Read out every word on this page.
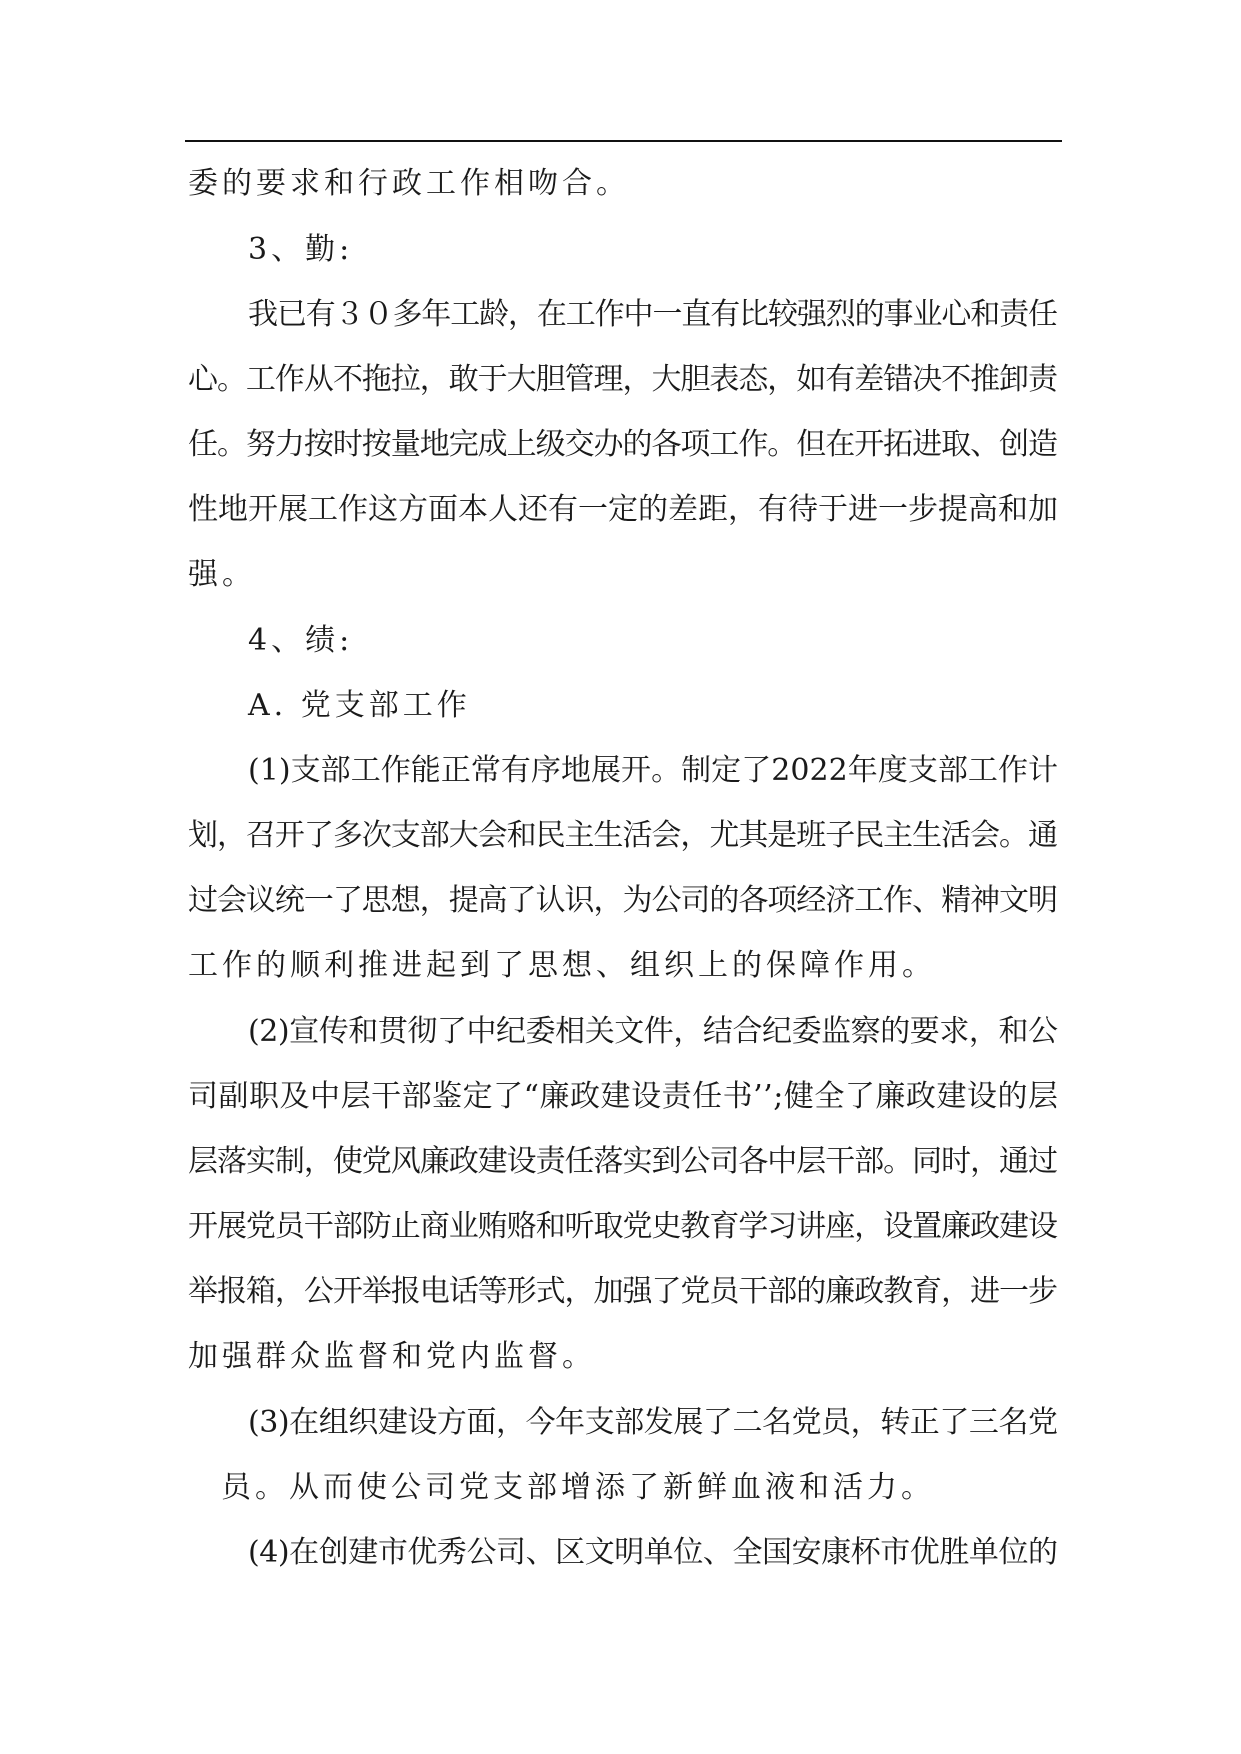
委的要求和行政工作相吻合。
3、勤:
我已有３０多年工龄，在工作中一直有比较强烈的事业心和责任
心。工作从不拖拉，敢于大胆管理，大胆表态，如有差错决不推卸责
任。努力按时按量地完成上级交办的各项工作。但在开拓进取、创造
性地开展工作这方面本人还有一定的差距，有待于进一步提高和加
强。
4、绩:
A. 党支部工作
(1)支部工作能正常有序地展开。制定了2022年度支部工作计
划，召开了多次支部大会和民主生活会，尤其是班子民主生活会。通
过会议统一了思想，提高了认识，为公司的各项经济工作、精神文明
工作的顺利推进起到了思想、组织上的保障作用。
(2)宣传和贯彻了中纪委相关文件，结合纪委监察的要求，和公
司副职及中层干部鉴定了“廉政建设责任书’’;健全了廉政建设的层
层落实制，使党风廉政建设责任落实到公司各中层干部。同时，通过
开展党员干部防止商业贿赂和听取党史教育学习讲座，设置廉政建设
举报箱，公开举报电话等形式，加强了党员干部的廉政教育，进一步
加强群众监督和党内监督。
(3)在组织建设方面，今年支部发展了二名党员，转正了三名党
员。从而使公司党支部增添了新鲜血液和活力。
(4)在创建市优秀公司、区文明单位、全国安康杯市优胜单位的
